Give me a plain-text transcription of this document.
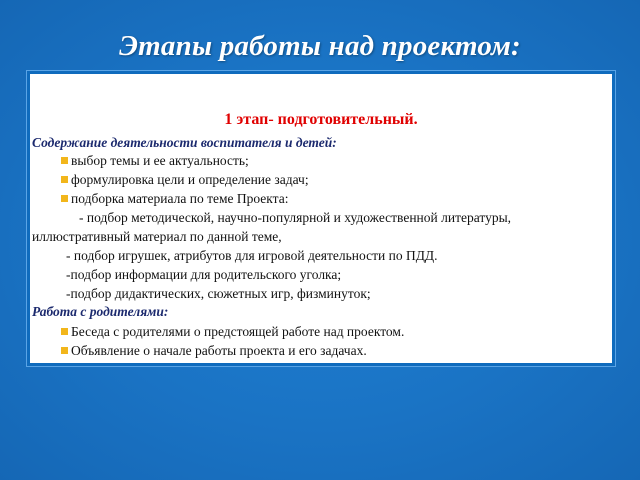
Этапы работы над проектом:
1 этап- подготовительный.
Содержание деятельности воспитателя и детей:
выбор темы и ее актуальность;
формулировка цели и определение задач;
подборка материала по теме Проекта:
- подбор методической, научно-популярной и художественной литературы,
иллюстративный материал по данной теме,
- подбор игрушек, атрибутов для игровой деятельности по ПДД.
-подбор информации для родительского уголка;
-подбор дидактических, сюжетных игр, физминуток;
Работа с родителями:
Беседа с родителями о предстоящей работе над проектом.
Объявление о начале работы проекта и его задачах.
